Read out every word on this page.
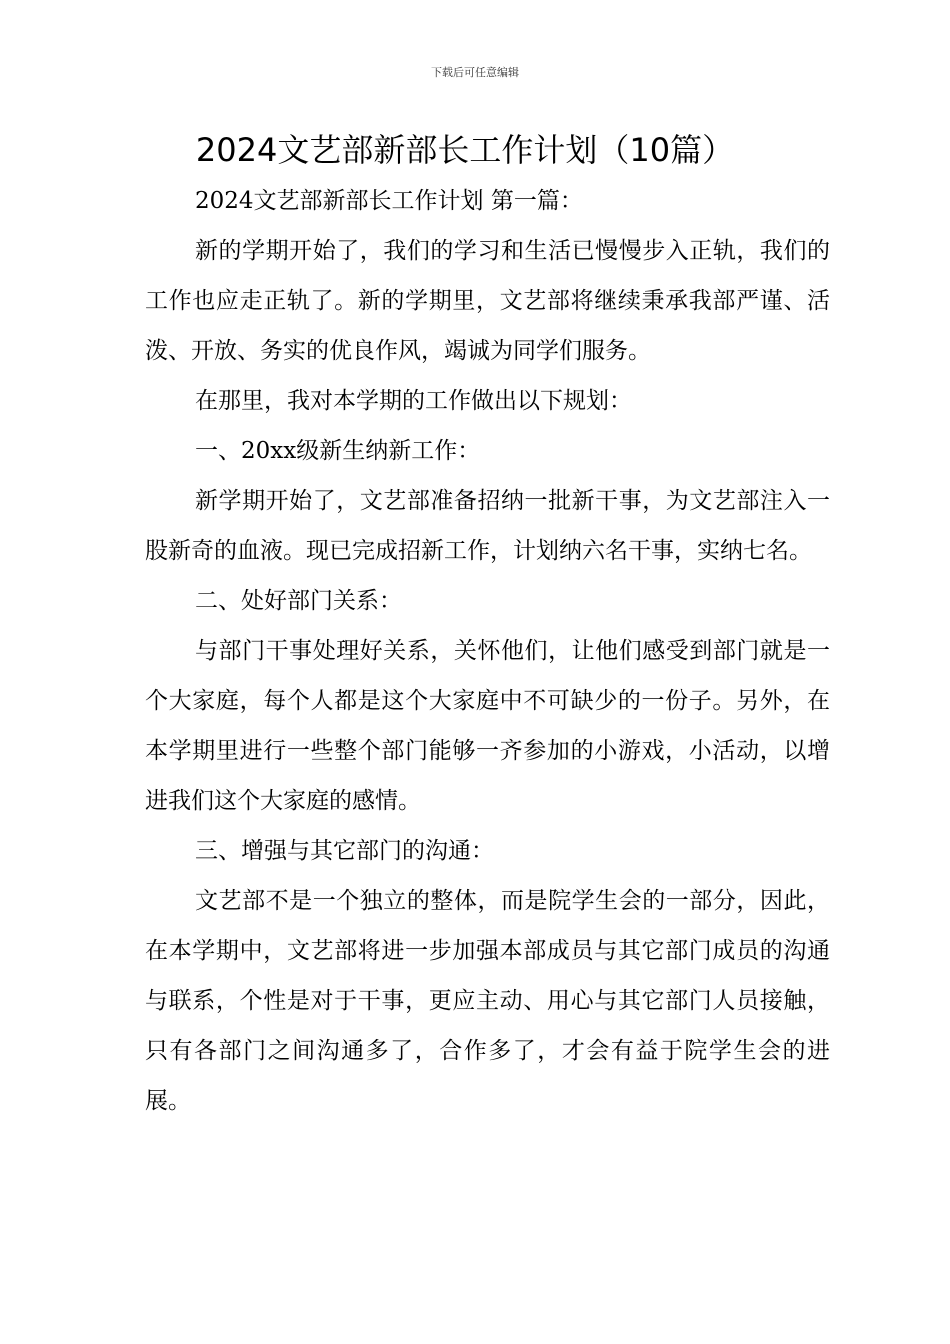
下载后可任意编辑
2024文艺部新部长工作计划（10篇）

2024文艺部新部长工作计划 第一篇：

新的学期开始了，我们的学习和生活已慢慢步入正轨，我们的工作也应走正轨了。新的学期里，文艺部将继续秉承我部严谨、活泼、开放、务实的优良作风，竭诚为同学们服务。

在那里，我对本学期的工作做出以下规划：

一、20xx级新生纳新工作：

新学期开始了，文艺部准备招纳一批新干事，为文艺部注入一股新奇的血液。现已完成招新工作，计划纳六名干事，实纳七名。

二、处好部门关系：

与部门干事处理好关系，关怀他们，让他们感受到部门就是一个大家庭，每个人都是这个大家庭中不可缺少的一份子。另外，在本学期里进行一些整个部门能够一齐参加的小游戏，小活动，以增进我们这个大家庭的感情。

三、增强与其它部门的沟通：

文艺部不是一个独立的整体，而是院学生会的一部分，因此，在本学期中，文艺部将进一步加强本部成员与其它部门成员的沟通与联系，个性是对于干事，更应主动、用心与其它部门人员接触，只有各部门之间沟通多了，合作多了，才会有益于院学生会的进展。
